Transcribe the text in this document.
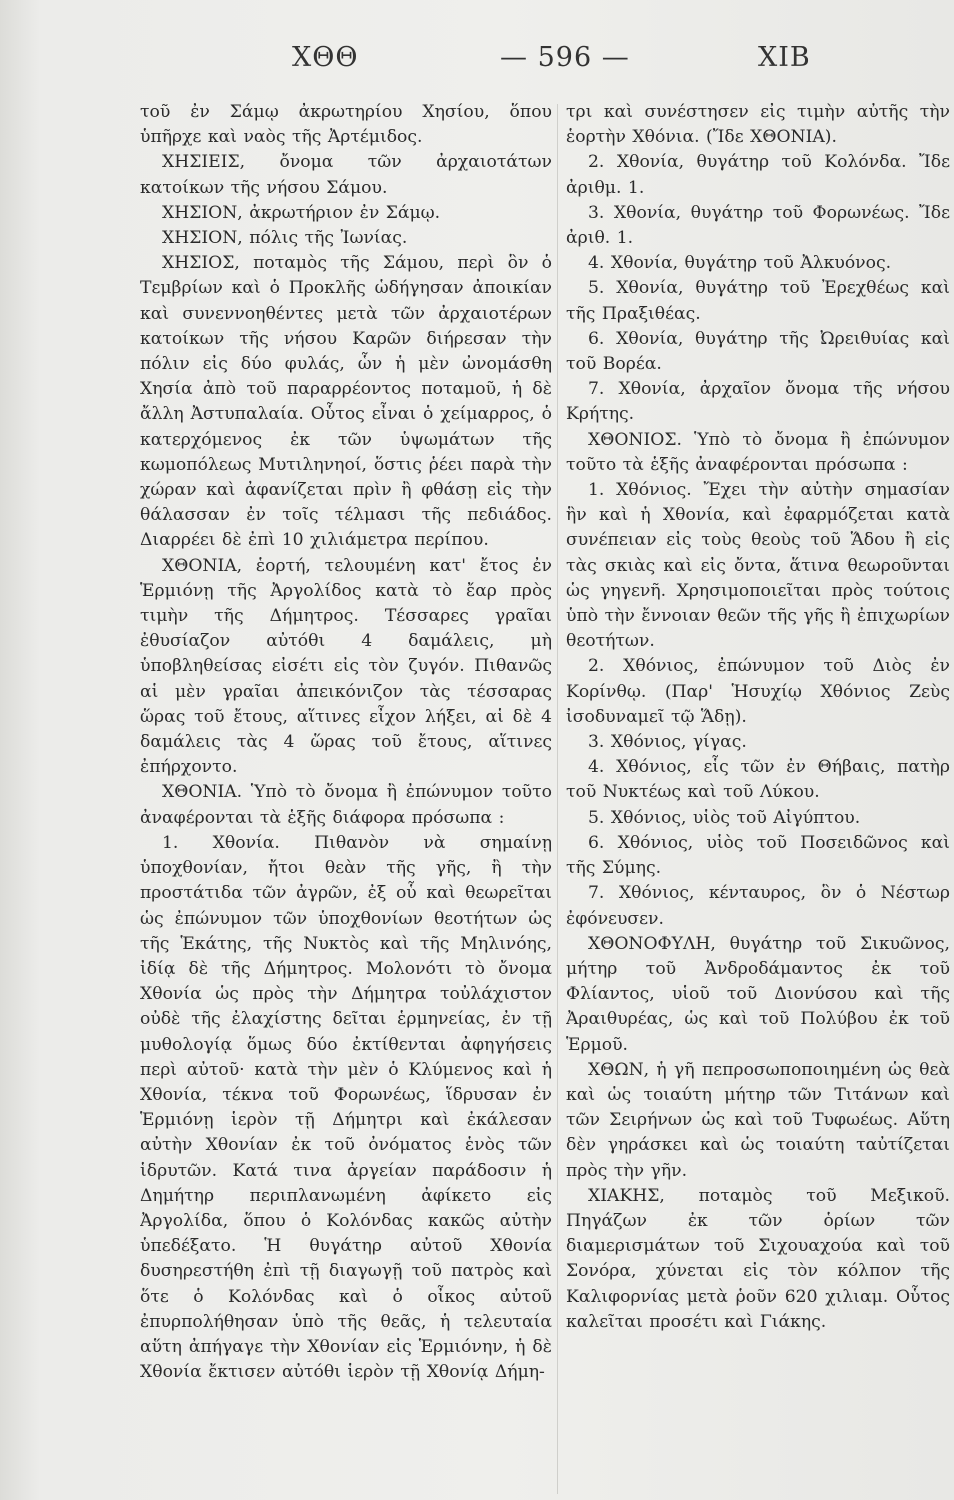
ΧΘΘ	— 596 —	ΧΙΒ

τοῦ ἐν Σάμῳ ἀκρωτηρίου Χησίου, ὅπου ὑπῆρχε καὶ ναὸς τῆς Ἀρτέμιδος.

ΧΗΣΙΕΙΣ, ὄνομα τῶν ἀρχαιοτάτων κατοίκων τῆς νήσου Σάμου.

ΧΗΣΙΟΝ, ἀκρωτήριον ἐν Σάμῳ.

ΧΗΣΙΟΝ, πόλις τῆς Ἰωνίας.

ΧΗΣΙΟΣ, ποταμὸς τῆς Σάμου, περὶ ὃν ὁ Τεμβρίων καὶ ὁ Προκλῆς ὡδήγησαν ἀποικίαν καὶ συνεννοηθέντες μετὰ τῶν ἀρχαιοτέρων κατοίκων τῆς νήσου Καρῶν διήρεσαν τὴν πόλιν εἰς δύο φυλάς, ὧν ἡ μὲν ὠνομάσθη Χησία ἀπὸ τοῦ παραρρέοντος ποταμοῦ, ἡ δὲ ἄλλη Ἀστυπαλαία. Οὗτος εἶναι ὁ χείμαρρος, ὁ κατερχόμενος ἐκ τῶν ὑψωμάτων τῆς κωμοπόλεως Μυτιληνηοί, ὅστις ῥέει παρὰ τὴν χώραν καὶ ἀφανίζεται πρὶν ἢ φθάσῃ εἰς τὴν θάλασσαν ἐν τοῖς τέλμασι τῆς πεδιάδος. Διαρρέει δὲ ἐπὶ 10 χιλιάμετρα περίπου.

ΧΘΟΝΙΑ, ἑορτή, τελουμένη κατ' ἔτος ἐν Ἑρμιόνῃ τῆς Ἀργολίδος κατὰ τὸ ἔαρ πρὸς τιμὴν τῆς Δήμητρος. Τέσσαρες γραῖαι ἐθυσίαζον αὐτόθι 4 δαμάλεις, μὴ ὑποβληθείσας εἰσέτι εἰς τὸν ζυγόν. Πιθανῶς αἱ μὲν γραῖαι ἀπεικόνιζον τὰς τέσσαρας ὥρας τοῦ ἔτους, αἵτινες εἶχον λήξει, αἱ δὲ 4 δαμάλεις τὰς 4 ὥρας τοῦ ἔτους, αἵτινες ἐπήρχοντο.

ΧΘΟΝΙΑ. Ὑπὸ τὸ ὄνομα ἢ ἐπώνυμον τοῦτο ἀναφέρονται τὰ ἑξῆς διάφορα πρόσωπα :

1. Χθονία. Πιθανὸν νὰ σημαίνῃ ὑποχθονίαν, ἤτοι θεὰν τῆς γῆς, ἢ τὴν προστάτιδα τῶν ἀγρῶν, ἐξ οὗ καὶ θεωρεῖται ὡς ἐπώνυμον τῶν ὑποχθονίων θεοτήτων ὡς τῆς Ἑκάτης, τῆς Νυκτὸς καὶ τῆς Μηλινόης, ἰδίᾳ δὲ τῆς Δήμητρος. Μολονότι τὸ ὄνομα Χθονία ὡς πρὸς τὴν Δήμητρα τοὐλάχιστον οὐδὲ τῆς ἐλαχίστης δεῖται ἑρμηνείας, ἐν τῇ μυθολογίᾳ ὅμως δύο ἐκτίθενται ἀφηγήσεις περὶ αὐτοῦ· κατὰ τὴν μὲν ὁ Κλύμενος καὶ ἡ Χθονία, τέκνα τοῦ Φορωνέως, ἵδρυσαν ἐν Ἑρμιόνῃ ἱερὸν τῇ Δήμητρι καὶ ἐκάλεσαν αὐτὴν Χθονίαν ἐκ τοῦ ὀνόματος ἑνὸς τῶν ἱδρυτῶν. Κατά τινα ἀργείαν παράδοσιν ἡ Δημήτηρ περιπλανωμένη ἀφίκετο εἰς Ἀργολίδα, ὅπου ὁ Κολόνδας κακῶς αὐτὴν ὑπεδέξατο. Ἡ θυγάτηρ αὐτοῦ Χθονία δυσηρεστήθη ἐπὶ τῇ διαγωγῇ τοῦ πατρὸς καὶ ὅτε ὁ Κολόνδας καὶ ὁ οἶκος αὐτοῦ ἐπυρπολήθησαν ὑπὸ τῆς θεᾶς, ἡ τελευταία αὕτη ἀπήγαγε τὴν Χθονίαν εἰς Ἑρμιόνην, ἡ δὲ Χθονία ἔκτισεν αὐτόθι ἱερὸν τῇ Χθονίᾳ Δήμη-

τρι καὶ συνέστησεν εἰς τιμὴν αὐτῆς τὴν ἑορτὴν Χθόνια. (Ἴδε ΧΘΟΝΙΑ).

2. Χθονία, θυγάτηρ τοῦ Κολόνδα. Ἴδε ἀριθμ. 1.

3. Χθονία, θυγάτηρ τοῦ Φορωνέως. Ἴδε ἀριθ. 1.

4. Χθονία, θυγάτηρ τοῦ Ἀλκυόνος.

5. Χθονία, θυγάτηρ τοῦ Ἐρεχθέως καὶ τῆς Πραξιθέας.

6. Χθονία, θυγάτηρ τῆς Ὠρειθυίας καὶ τοῦ Βορέα.

7. Χθονία, ἀρχαῖον ὄνομα τῆς νήσου Κρήτης.

ΧΘΟΝΙΟΣ. Ὑπὸ τὸ ὄνομα ἢ ἐπώνυμον τοῦτο τὰ ἑξῆς ἀναφέρονται πρόσωπα :

1. Χθόνιος. Ἔχει τὴν αὐτὴν σημασίαν ἣν καὶ ἡ Χθονία, καὶ ἐφαρμόζεται κατὰ συνέπειαν εἰς τοὺς θεοὺς τοῦ Ἅδου ἢ εἰς τὰς σκιὰς καὶ εἰς ὄντα, ἅτινα θεωροῦνται ὡς γηγενῆ. Χρησιμοποιεῖται πρὸς τούτοις ὑπὸ τὴν ἔννοιαν θεῶν τῆς γῆς ἢ ἐπιχωρίων θεοτήτων.

2. Χθόνιος, ἐπώνυμον τοῦ Διὸς ἐν Κορίνθῳ. (Παρ' Ἡσυχίῳ Χθόνιος Ζεὺς ἰσοδυναμεῖ τῷ Ἅδῃ).

3. Χθόνιος, γίγας.

4. Χθόνιος, εἷς τῶν ἐν Θήβαις, πατὴρ τοῦ Νυκτέως καὶ τοῦ Λύκου.

5. Χθόνιος, υἱὸς τοῦ Αἰγύπτου.

6. Χθόνιος, υἱὸς τοῦ Ποσειδῶνος καὶ τῆς Σύμης.

7. Χθόνιος, κένταυρος, ὃν ὁ Νέστωρ ἐφόνευσεν.

ΧΘΟΝΟΦΥΛΗ, θυγάτηρ τοῦ Σικυῶνος, μήτηρ τοῦ Ἀνδροδάμαντος ἐκ τοῦ Φλίαντος, υἱοῦ τοῦ Διονύσου καὶ τῆς Ἀραιθυρέας, ὡς καὶ τοῦ Πολύβου ἐκ τοῦ Ἑρμοῦ.

ΧΘΩΝ, ἡ γῆ πεπροσωποποιημένη ὡς θεὰ καὶ ὡς τοιαύτη μήτηρ τῶν Τιτάνων καὶ τῶν Σειρήνων ὡς καὶ τοῦ Τυφωέως. Αὕτη δὲν γηράσκει καὶ ὡς τοιαύτη ταὐτίζεται πρὸς τὴν γῆν.

ΧΙΑΚΗΣ, ποταμὸς τοῦ Μεξικοῦ. Πηγάζων ἐκ τῶν ὁρίων τῶν διαμερισμάτων τοῦ Σιχουαχούα καὶ τοῦ Σονόρα, χύνεται εἰς τὸν κόλπον τῆς Καλιφορνίας μετὰ ῥοῦν 620 χιλιαμ. Οὗτος καλεῖται προσέτι καὶ Γιάκης.
